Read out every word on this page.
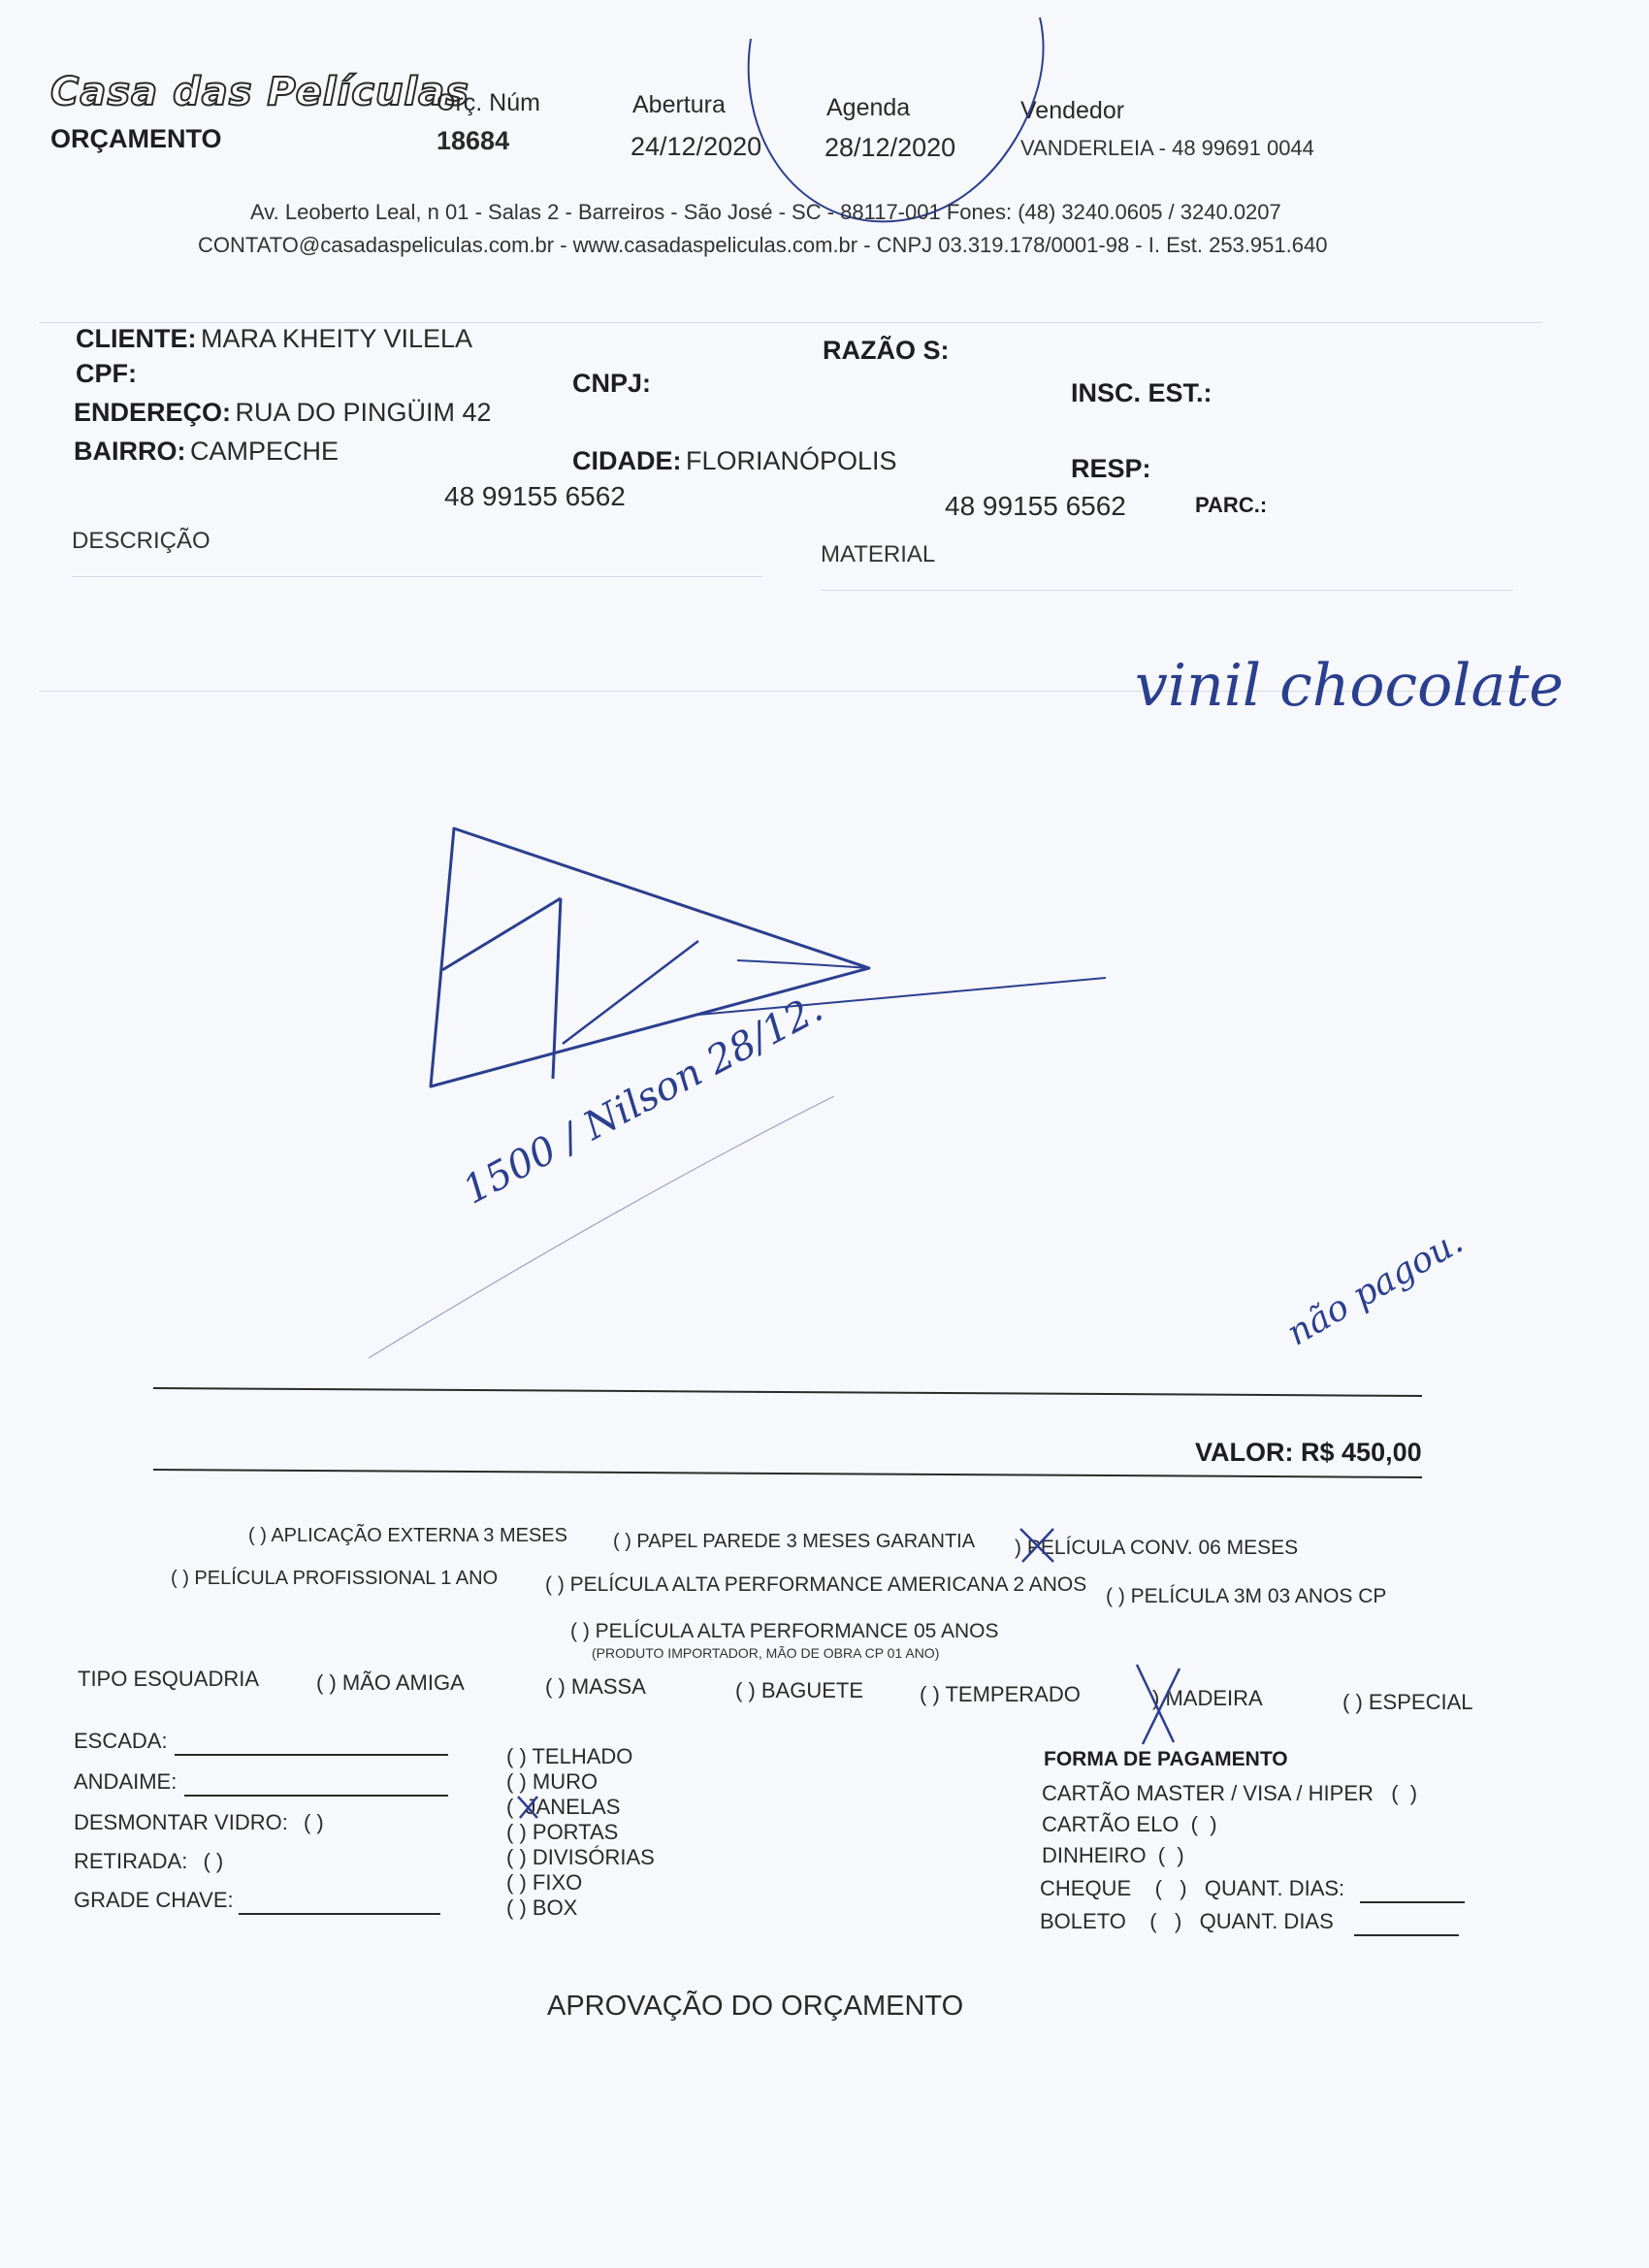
Casa das Películas
ORÇAMENTO
Orç. Núm
18684
Abertura
24/12/2020
Agenda
28/12/2020
Vendedor
VANDERLEIA - 48 99691 0044
Av. Leoberto Leal, n 01 - Salas 2 - Barreiros - São José - SC - 88117-001 Fones: (48) 3240.0605 / 3240.0207
CONTATO@casadaspeliculas.com.br - www.casadaspeliculas.com.br - CNPJ 03.319.178/0001-98 - I. Est. 253.951.640
CLIENTE: MARA KHEITY VILELA
CPF:
ENDEREÇO: RUA DO PINGÜIM 42
BAIRRO: CAMPECHE
48 99155 6562
CNPJ:
CIDADE: FLORIANÓPOLIS
RAZÃO S:
INSC. EST.:
RESP:
48 99155 6562	PARC.:
DESCRIÇÃO
MATERIAL
vinil chocolate
1500 / Nilson 28/12.
não pagou.
VALOR: R$ 450,00
( ) APLICAÇÃO EXTERNA 3 MESES ( ) PAPEL PAREDE 3 MESES GARANTIA ) PELÍCULA CONV. 06 MESES
( ) PELÍCULA PROFISSIONAL 1 ANO ( ) PELÍCULA ALTA PERFORMANCE AMERICANA 2 ANOS
( ) PELÍCULA 3M 03 ANOS CP
( ) PELÍCULA ALTA PERFORMANCE 05 ANOS
(PRODUTO IMPORTADOR, MÃO DE OBRA CP 01 ANO)
TIPO ESQUADRIA	( ) MÃO AMIGA	( ) MASSA	( ) BAGUETE	( ) TEMPERADO	) MADEIRA	( ) ESPECIAL
ESCADA:
ANDAIME:
DESMONTAR VIDRO: ( )
RETIRADA: ( )
GRADE CHAVE:
( ) TELHADO
( ) MURO
(  JANELAS
( ) PORTAS
( ) DIVISÓRIAS
( ) FIXO
( ) BOX
FORMA DE PAGAMENTO
CARTÃO MASTER / VISA / HIPER   (  )
CARTÃO ELO  (  )
DINHEIRO  (  )
CHEQUE    (   )   QUANT. DIAS:
BOLETO    (   )   QUANT. DIAS
APROVAÇÃO DO ORÇAMENTO
